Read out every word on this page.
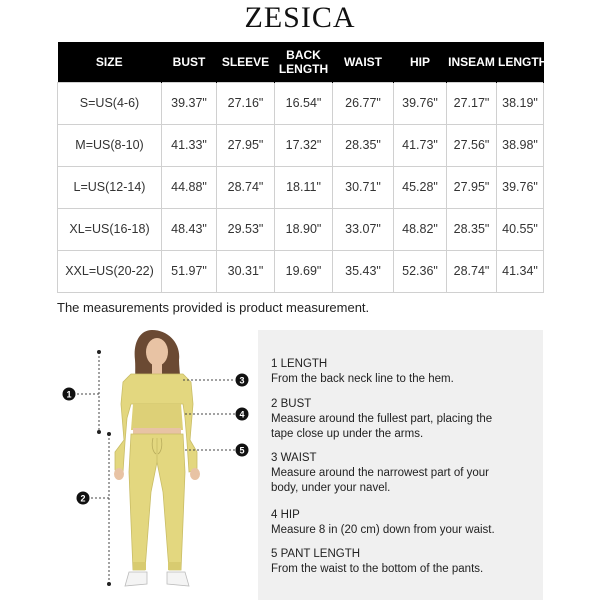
ZESICA
SIZE	BUST	SLEEVE	BACK LENGTH	WAIST	HIP	INSEAM	LENGTH
S=US(4-6)	39.37"	27.16"	16.54"	26.77"	39.76"	27.17"	38.19"
M=US(8-10)	41.33"	27.95"	17.32"	28.35"	41.73"	27.56"	38.98"
L=US(12-14)	44.88"	28.74"	18.11"	30.71"	45.28"	27.95"	39.76"
XL=US(16-18)	48.43"	29.53"	18.90"	33.07"	48.82"	28.35"	40.55"
XXL=US(20-22)	51.97"	30.31"	19.69"	35.43"	52.36"	28.74"	41.34"
The measurements provided is product measurement.
1
2
3
4
5
1 LENGTH
From the back neck line to the hem.
2 BUST
Measure around the fullest part, placing the tape close up under the arms.
3 WAIST
Measure around the narrowest part of your body, under your navel.
4 HIP
Measure 8 in (20 cm) down from your waist.
5 PANT LENGTH
From the waist to the bottom of the pants.
